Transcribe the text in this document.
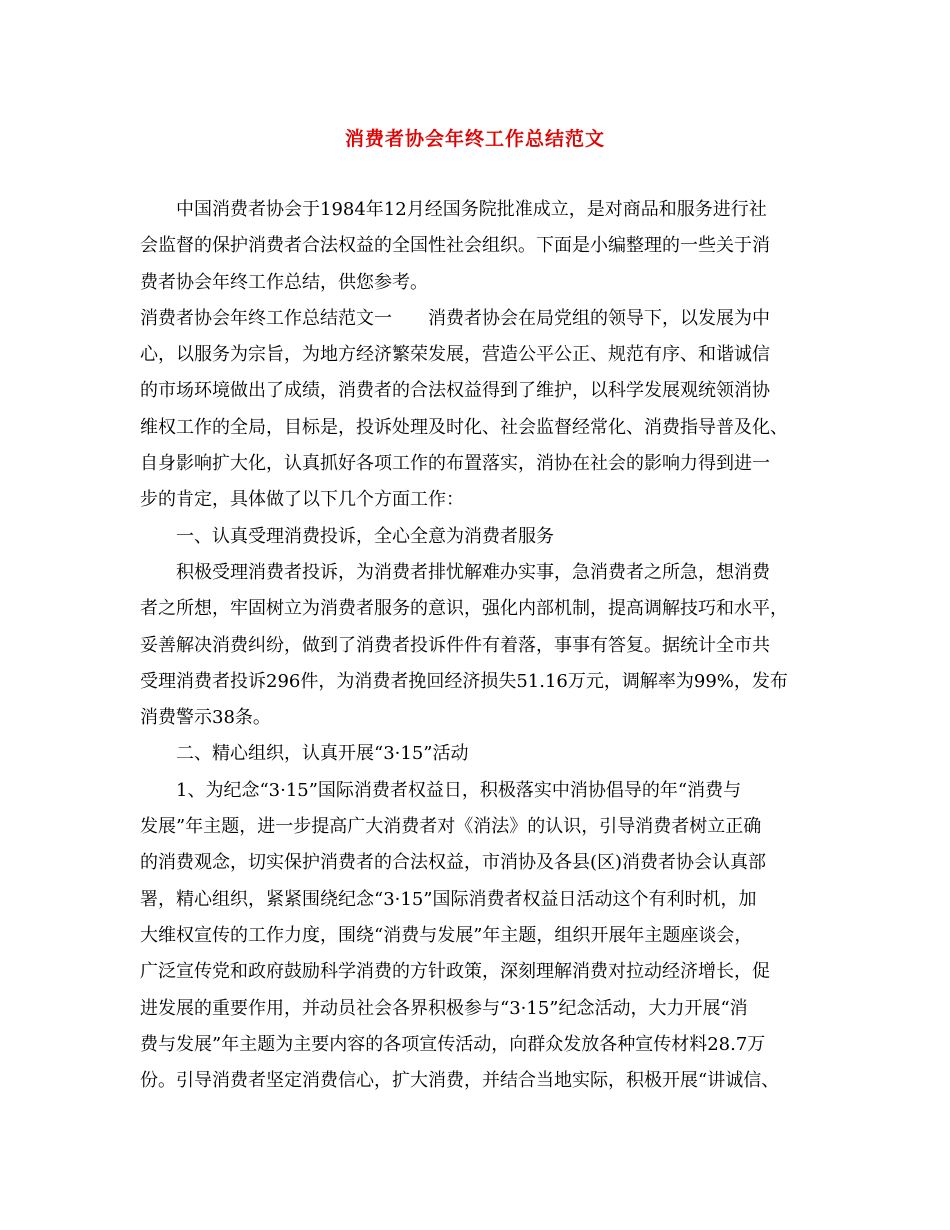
消费者协会年终工作总结范文
中国消费者协会于1984年12月经国务院批准成立，是对商品和服务进行社
会监督的保护消费者合法权益的全国性社会组织。下面是小编整理的一些关于消
费者协会年终工作总结，供您参考。
消费者协会年终工作总结范文一　　消费者协会在局党组的领导下，以发展为中
心，以服务为宗旨，为地方经济繁荣发展，营造公平公正、规范有序、和谐诚信
的市场环境做出了成绩，消费者的合法权益得到了维护，以科学发展观统领消协
维权工作的全局，目标是，投诉处理及时化、社会监督经常化、消费指导普及化、
自身影响扩大化，认真抓好各项工作的布置落实，消协在社会的影响力得到进一
步的肯定，具体做了以下几个方面工作：
一、认真受理消费投诉，全心全意为消费者服务
积极受理消费者投诉，为消费者排忧解难办实事，急消费者之所急，想消费
者之所想，牢固树立为消费者服务的意识，强化内部机制，提高调解技巧和水平，
妥善解决消费纠纷，做到了消费者投诉件件有着落，事事有答复。据统计全市共
受理消费者投诉296件，为消费者挽回经济损失51.16万元，调解率为99%，发布
消费警示38条。
二、精心组织，认真开展“3·15”活动
1、为纪念“3·15”国际消费者权益日，积极落实中消协倡导的年“消费与
发展”年主题，进一步提高广大消费者对《消法》的认识，引导消费者树立正确
的消费观念，切实保护消费者的合法权益，市消协及各县(区)消费者协会认真部
署，精心组织，紧紧围绕纪念“3·15”国际消费者权益日活动这个有利时机，加
大维权宣传的工作力度，围绕“消费与发展”年主题，组织开展年主题座谈会，
广泛宣传党和政府鼓励科学消费的方针政策，深刻理解消费对拉动经济增长，促
进发展的重要作用，并动员社会各界积极参与“3·15”纪念活动，大力开展“消
费与发展”年主题为主要内容的各项宣传活动，向群众发放各种宣传材料28.7万
份。引导消费者坚定消费信心，扩大消费，并结合当地实际，积极开展“讲诚信、
